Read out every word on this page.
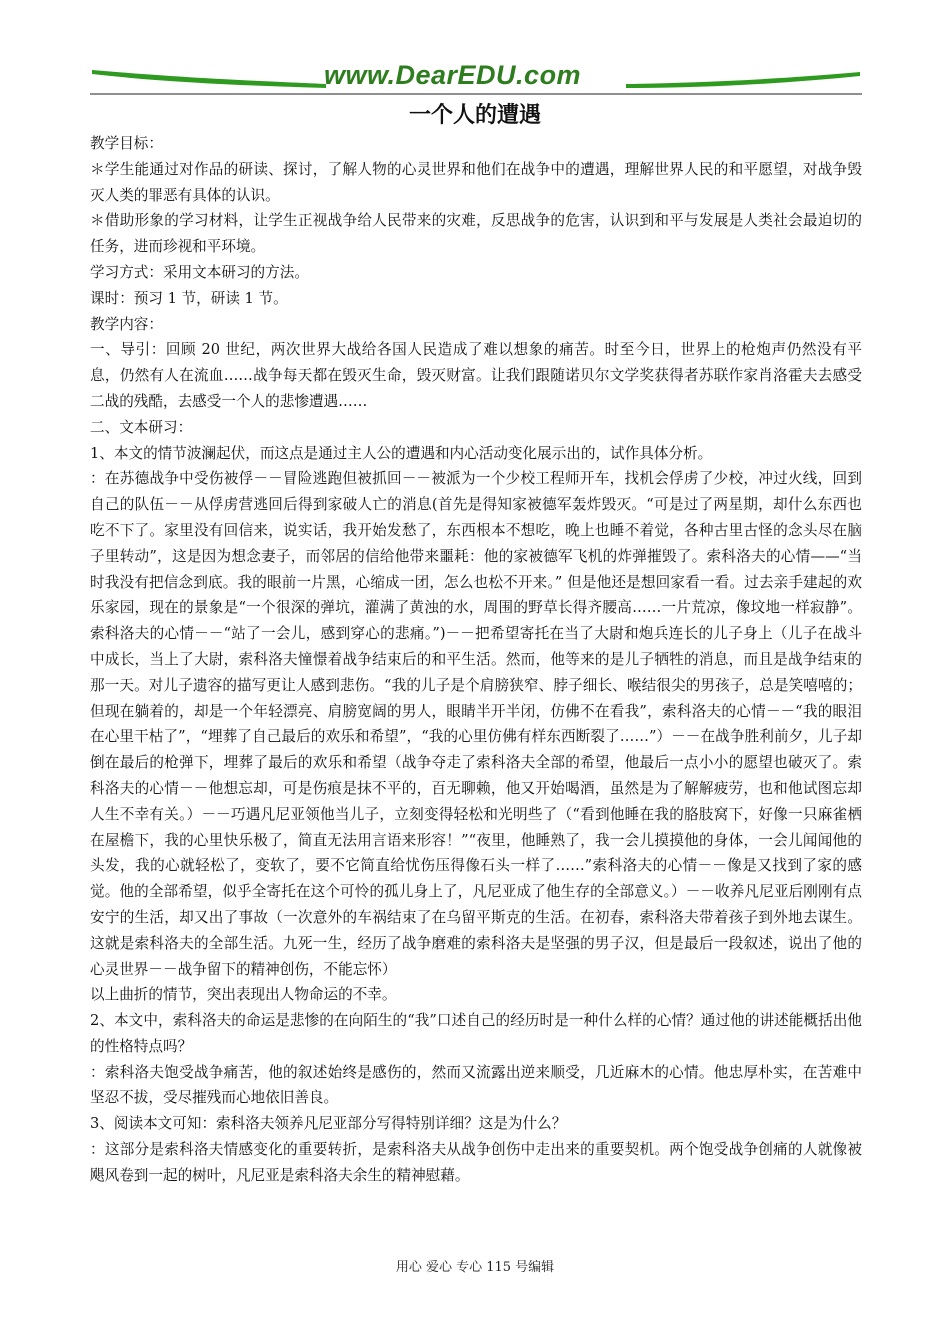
www.DearEDU.com
一个人的遭遇

教学目标：

＊学生能通过对作品的研读、探讨，了解人物的心灵世界和他们在战争中的遭遇，理解世界人民的和平愿望，对战争毁灭人类的罪恶有具体的认识。

＊借助形象的学习材料，让学生正视战争给人民带来的灾难，反思战争的危害，认识到和平与发展是人类社会最迫切的任务，进而珍视和平环境。

学习方式：采用文本研习的方法。

课时：预习 1 节，研读 1 节。

教学内容：

一、导引：回顾 20 世纪，两次世界大战给各国人民造成了难以想象的痛苦。时至今日，世界上的枪炮声仍然没有平息，仍然有人在流血……战争每天都在毁灭生命，毁灭财富。让我们跟随诺贝尔文学奖获得者苏联作家肖洛霍夫去感受二战的残酷，去感受一个人的悲惨遭遇……

二、文本研习：

1、本文的情节波澜起伏，而这点是通过主人公的遭遇和内心活动变化展示出的，试作具体分析。

：在苏德战争中受伤被俘－－冒险逃跑但被抓回－－被派为一个少校工程师开车，找机会俘虏了少校，冲过火线，回到自己的队伍－－从俘虏营逃回后得到家破人亡的消息(首先是得知家被德军轰炸毁灭。“可是过了两星期，却什么东西也吃不下了。家里没有回信来，说实话，我开始发愁了，东西根本不想吃，晚上也睡不着觉，各种古里古怪的念头尽在脑子里转动”，这是因为想念妻子，而邻居的信给他带来噩耗：他的家被德军飞机的炸弹摧毁了。索科洛夫的心情——“当时我没有把信念到底。我的眼前一片黑，心缩成一团，怎么也松不开来。” 但是他还是想回家看一看。过去亲手建起的欢乐家园，现在的景象是“一个很深的弹坑，灌满了黄浊的水，周围的野草长得齐腰高……一片荒凉，像坟地一样寂静”。索科洛夫的心情－－“站了一会儿，感到穿心的悲痛。”)－－把希望寄托在当了大尉和炮兵连长的儿子身上（儿子在战斗中成长，当上了大尉，索科洛夫憧憬着战争结束后的和平生活。然而，他等来的是儿子牺牲的消息，而且是战争结束的那一天。对儿子遗容的描写更让人感到悲伤。“我的儿子是个肩膀狭窄、脖子细长、喉结很尖的男孩子，总是笑嘻嘻的；但现在躺着的，却是一个年轻漂亮、肩膀宽阔的男人，眼睛半开半闭，仿佛不在看我”，索科洛夫的心情－－“我的眼泪在心里干枯了”，“埋葬了自己最后的欢乐和希望”，“我的心里仿佛有样东西断裂了……”）－－在战争胜利前夕，儿子却倒在最后的枪弹下，埋葬了最后的欢乐和希望（战争夺走了索科洛夫全部的希望，他最后一点小小的愿望也破灭了。索科洛夫的心情－－他想忘却，可是伤痕是抹不平的，百无聊赖，他又开始喝酒，虽然是为了解解疲劳，也和他试图忘却人生不幸有关。）－－巧遇凡尼亚领他当儿子，立刻变得轻松和光明些了（“看到他睡在我的胳肢窝下，好像一只麻雀栖在屋檐下，我的心里快乐极了，简直无法用言语来形容！”“夜里，他睡熟了，我一会儿摸摸他的身体，一会儿闻闻他的头发，我的心就轻松了，变软了，要不它简直给忧伤压得像石头一样了……”索科洛夫的心情－－像是又找到了家的感觉。他的全部希望，似乎全寄托在这个可怜的孤儿身上了，凡尼亚成了他生存的全部意义。）－－收养凡尼亚后刚刚有点安宁的生活，却又出了事故（一次意外的车祸结束了在乌留平斯克的生活。在初春，索科洛夫带着孩子到外地去谋生。这就是索科洛夫的全部生活。九死一生，经历了战争磨难的索科洛夫是坚强的男子汉，但是最后一段叙述，说出了他的心灵世界－－战争留下的精神创伤，不能忘怀）

以上曲折的情节，突出表现出人物命运的不幸。

2、本文中，索科洛夫的命运是悲惨的在向陌生的“我”口述自己的经历时是一种什么样的心情？通过他的讲述能概括出他的性格特点吗？

：索科洛夫饱受战争痛苦，他的叙述始终是感伤的，然而又流露出逆来顺受，几近麻木的心情。他忠厚朴实，在苦难中坚忍不拔，受尽摧残而心地依旧善良。

3、阅读本文可知：索科洛夫领养凡尼亚部分写得特别详细？这是为什么？

：这部分是索科洛夫情感变化的重要转折，是索科洛夫从战争创伤中走出来的重要契机。两个饱受战争创痛的人就像被飓风卷到一起的树叶，凡尼亚是索科洛夫余生的精神慰藉。

用心 爱心 专心 115 号编辑
